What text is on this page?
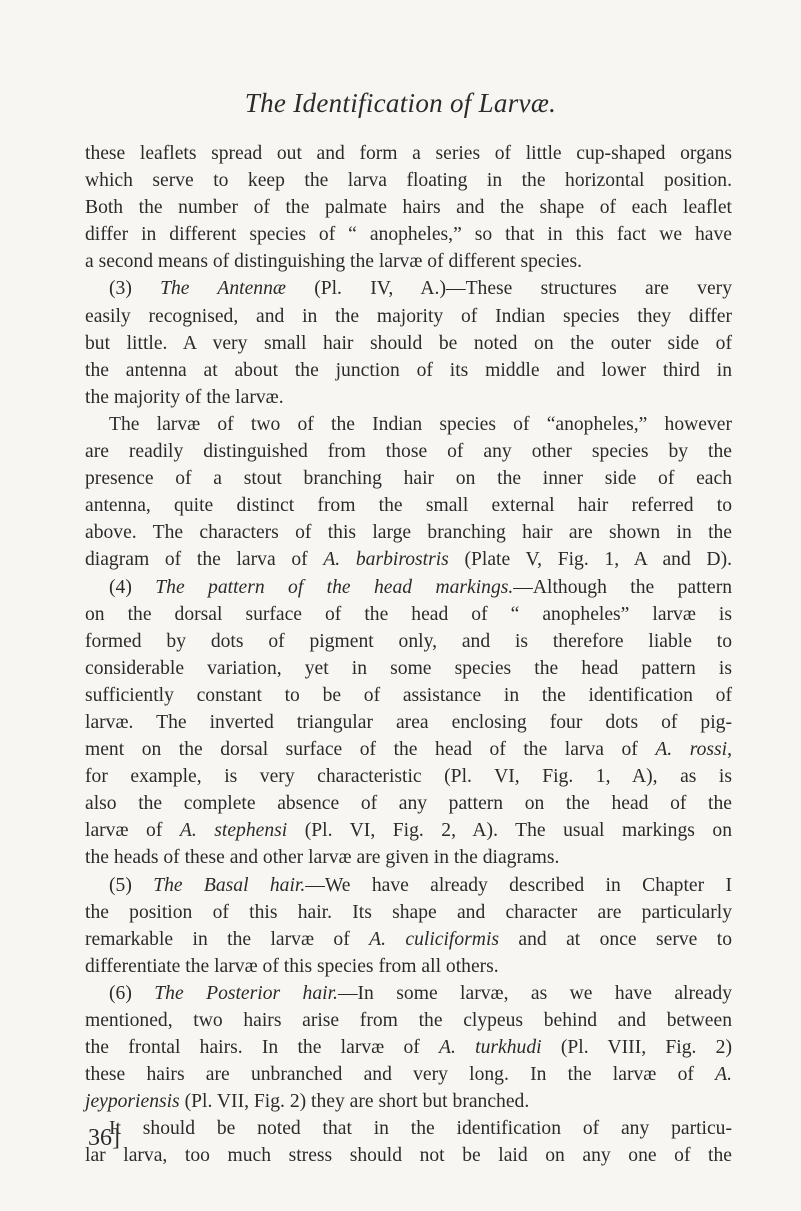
The Identification of Larvæ.
these leaflets spread out and form a series of little cup-shaped organs
which serve to keep the larva floating in the horizontal position.
Both the number of the palmate hairs and the shape of each leaflet
differ in different species of “ anopheles,” so that in this fact we have
a second means of distinguishing the larvæ of different species.
(3) The Antennæ (Pl. IV, A.)—These structures are very
easily recognised, and in the majority of Indian species they differ
but little. A very small hair should be noted on the outer side of
the antenna at about the junction of its middle and lower third in
the majority of the larvæ.
The larvæ of two of the Indian species of “anopheles,” however
are readily distinguished from those of any other species by the
presence of a stout branching hair on the inner side of each
antenna, quite distinct from the small external hair referred to
above. The characters of this large branching hair are shown in the
diagram of the larva of A. barbirostris (Plate V, Fig. 1, A and D).
(4) The pattern of the head markings.—Although the pattern
on the dorsal surface of the head of “ anopheles” larvæ is
formed by dots of pigment only, and is therefore liable to
considerable variation, yet in some species the head pattern is
sufficiently constant to be of assistance in the identification of
larvæ. The inverted triangular area enclosing four dots of pig-
ment on the dorsal surface of the head of the larva of A. rossi,
for example, is very characteristic (Pl. VI, Fig. 1, A), as is
also the complete absence of any pattern on the head of the
larvæ of A. stephensi (Pl. VI, Fig. 2, A). The usual markings on
the heads of these and other larvæ are given in the diagrams.
(5) The Basal hair.—We have already described in Chapter I
the position of this hair. Its shape and character are particularly
remarkable in the larvæ of A. culiciformis and at once serve to
differentiate the larvæ of this species from all others.
(6) The Posterior hair.—In some larvæ, as we have already
mentioned, two hairs arise from the clypeus behind and between
the frontal hairs. In the larvæ of A. turkhudi (Pl. VIII, Fig. 2)
these hairs are unbranched and very long. In the larvæ of A.
jeyporiensis (Pl. VII, Fig. 2) they are short but branched.
It should be noted that in the identification of any particu-
lar larva, too much stress should not be laid on any one of the
36]
